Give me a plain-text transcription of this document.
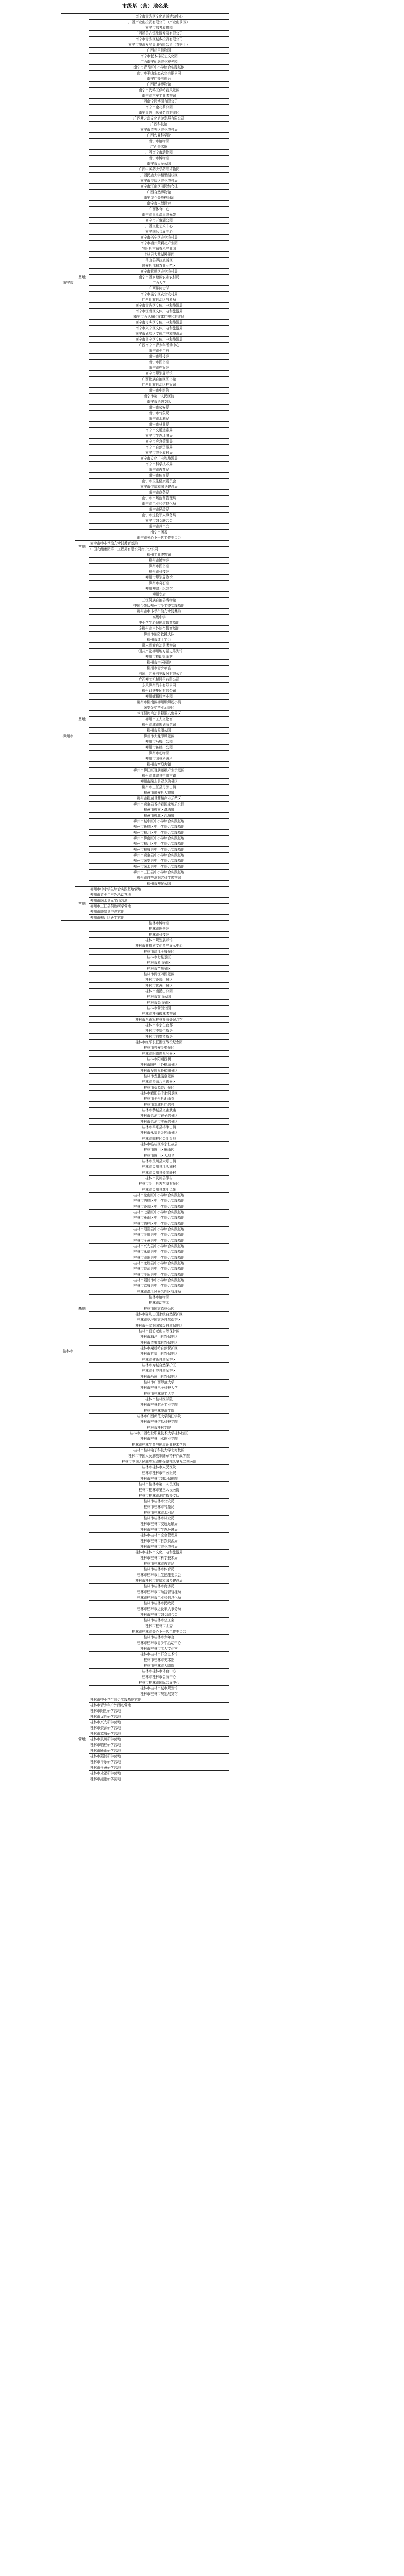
市级基（营）地名录
南宁市	基地	南宁市青秀区文化旅游活动中心
		广西产业山投资有限公司（产业山景区）
		南宁市那考农耕园
		广西扬美古镇旅游发展有限公司
		南宁市青秀区城乡投资有限公司
		南宁市旅游发展集团有限公司（青秀山）
		广西药用植物园
		南宁市老木棉匠艺文化园
		广西南宁仙葫农业观光园
		南宁市青秀区中小学综合实践基地
		南宁市平山生态农业有限公司
		南宁广播电视台
		广西民族博物馆
		南宁市武鸣区伊岭岩风景区
		南宁市汽车工业博物馆
		广西南宁园博园有限公司
		南宁市金花茶公园
		南宁青秀山风景名胜旅游区
		广西梦之岛文化旅游发展有限公司
		广西科技馆
		南宁市青秀区农业农村局
		广西农业科学院
		南宁市植物园
		广西美术馆
		广西南宁市动物园
		南宁市博物馆
		南宁市人民公园
		广西中医药大学药用植物园
		广西民族大学相思湖校区
		南宁市良庆区农业农村局
		南宁市江南区田园综合体
		广西自然博物馆
		南宁昆仑关战役旧址
		南宁市三街两巷
		广西体育中心
		南宁市邕江沿岸风光带
		南宁市五象湖公园
		广西文化艺术中心
		南宁国际会展中心
		南宁市兴宁区农业农村局
		南宁市横州茉莉花产业园
		宾阳县古辣香米产业园
		上林县大龙湖风景区
		马山县弄拉旅游区
		隆安县那桐农业示范区
		南宁市武鸣区农业农村局
		南宁市西乡塘区农业农村局
		广西大学
		广西民族大学
		南宁市邕宁区农业农村局
		广西壮族自治区气象局
		南宁市青秀区文体广电和旅游局
		南宁市江南区文体广电和旅游局
		南宁市西乡塘区文体广电和旅游局
		南宁市良庆区文体广电和旅游局
		南宁市兴宁区文体广电和旅游局
		南宁市武鸣区文体广电和旅游局
		南宁市邕宁区文体广电和旅游局
		广西南宁市青少年活动中心
		南宁市少年宫
		南宁市科技馆
		南宁市图书馆
		南宁市档案馆
		南宁市规划展示馆
		广西壮族自治区图书馆
		广西壮族自治区档案馆
		南宁市中医院
		南宁市第一人民医院
		南宁市消防支队
		南宁市公安局
		南宁市气象局
		南宁市水利局
		南宁市林业局
		南宁市交通运输局
		南宁市生态环境局
		南宁市应急管理局
		南宁市自然资源局
		南宁市农业农村局
		南宁市文化广电和旅游局
		南宁市科学技术局
		南宁市教育局
		南宁市体育局
		南宁市卫生健康委员会
		南宁市住房和城乡建设局
		南宁市商务局
		南宁市市场监督管理局
		南宁市工业和信息化局
		南宁市民政局
		南宁市退役军人事务局
		南宁市妇女联合会
		南宁市总工会
		南宁市团委
		南宁市关心下一代工作委员会
	营地	南宁市中小学综合实践教育基地
		中国安能集团第二工程局有限公司南宁分公司
柳州市	基地	柳州工业博物馆
		柳州市博物馆
		柳州市图书馆
		柳州市科技馆
		柳州市规划展览馆
		柳州市奇石馆
		柳州柳宗元纪念馆
		柳州文庙
		三江侗族自治县博物馆
		中国少先队柳州市少工委实践基地
		柳州市中小学生综合实践基地
		高级中学
		中小学生心理健康教育基地
		金柳州市户外综合教育基地
		柳州市消防救援支队
		柳州市红十字会
		融水苗族自治县博物馆
		中国共产党柳州地方党史陈列馆
		柳州市救助管理站
		柳州市中医医院
		柳州市青少年宫
		上汽通用五菱汽车股份有限公司
		广西柳工机械股份有限公司
		东风柳州汽车有限公司
		柳州钢铁集团有限公司
		柳州螺蛳粉产业园
		柳州市柳南区柳州螺蛳粉小镇
		融安金桔产业示范区
		三江侗族自治县程阳八寨景区
		柳州市工人文化宫
		柳州市城市规划展览馆
		柳州市龙潭公园
		柳州市大龙潭风景区
		柳州市马鞍山公园
		柳州市鱼峰山公园
		柳州市动物园
		柳州市园林科研所
		柳州市窑埠古镇
		柳州市柳江区百朋莲藕产业示范区
		柳州市鹿寨县中渡古镇
		柳州市融水县双龙沟景区
		柳州市三江县丹洲古镇
		柳州市融安县大将镇
		柳州市柳城县蔗糖产业示范区
		柳州市鹿寨县香桥岩国家地质公园
		柳州市柳南区洛满镇
		柳州市柳北区沙塘镇
		柳州市城中区中小学综合实践基地
		柳州市鱼峰区中小学综合实践基地
		柳州市柳北区中小学综合实践基地
		柳州市柳南区中小学综合实践基地
		柳州市柳江区中小学综合实践基地
		柳州市柳城县中小学综合实践基地
		柳州市鹿寨县中小学综合实践基地
		柳州市融安县中小学综合实践基地
		柳州市融水县中小学综合实践基地
		柳州市三江县中小学综合实践基地
		柳州市白莲洞洞穴科学博物馆
		柳州市柳侯公园
	营地	柳州市中小学生综合实践基地营地
		柳州市青少年户外活动营地
		柳州市融水县元宝山营地
		柳州市三江县侗族研学营地
		柳州市鹿寨县中渡营地
		柳州市柳江区研学营地
桂林市	基地	桂林市博物馆
		桂林市图书馆
		桂林市科技馆
		桂林市规划展示馆
		桂林市非物质文化遗产展示中心
		桂林市靖江王城景区
		桂林市七星景区
		桂林市象山景区
		桂林市芦笛景区
		桂林市两江四湖景区
		桂林市叠彩山景区
		桂林市伏波山景区
		桂林市南溪山公园
		桂林市穿山公园
		桂林市尧山景区
		桂林市訾洲公园
		桂林市桂海碑林博物馆
		桂林市八路军桂林办事处纪念馆
		桂林市李宗仁官邸
		桂林市李宗仁故居
		桂林市白崇禧故居
		桂林市红军长征湘江战役纪念园
		桂林市兴安灵渠景区
		桂林市阳朔遇龙河景区
		桂林市阳朔西街
		桂林市阳朔世外桃源景区
		桂林市龙胜龙脊梯田景区
		桂林市龙胜温泉景区
		桂林市资源八角寨景区
		桂林市资源资江景区
		桂林市灌阳县千家洞景区
		桂林市全州县湘山寺
		桂林市恭城县红岩村
		桂林市恭城县文庙武庙
		桂林市荔浦市银子岩景区
		桂林市荔浦市丰鱼岩景区
		桂林市平乐县榕津古镇
		桂林市永福县金钟山景区
		桂林市临桂区会仙湿地
		桂林市临桂区李宗仁故居
		桂林市雁山区雁山园
		桂林市雁山区大埠乡
		桂林市灵川县大圩古镇
		桂林市灵川县江头洲村
		桂林市灵川县长岗岭村
		桂林市灵川县熊村
		桂林市灵川县古东瀑布景区
		桂林市灵川县漓江风光
		桂林市象山区中小学综合实践基地
		桂林市秀峰区中小学综合实践基地
		桂林市叠彩区中小学综合实践基地
		桂林市七星区中小学综合实践基地
		桂林市雁山区中小学综合实践基地
		桂林市临桂区中小学综合实践基地
		桂林市阳朔县中小学综合实践基地
		桂林市灵川县中小学综合实践基地
		桂林市全州县中小学综合实践基地
		桂林市兴安县中小学综合实践基地
		桂林市永福县中小学综合实践基地
		桂林市灌阳县中小学综合实践基地
		桂林市龙胜县中小学综合实践基地
		桂林市资源县中小学综合实践基地
		桂林市平乐县中小学综合实践基地
		桂林市荔浦市中小学综合实践基地
		桂林市恭城县中小学综合实践基地
		桂林市漓江风景名胜区管理局
		桂林市植物园
		桂林市动物园
		桂林市国家森林公园
		桂林市猫儿山国家级自然保护区
		桂林市花坪国家级自然保护区
		桂林市千家洞国家级自然保护区
		桂林市银竹老山自然保护区
		桂林市海洋山自然保护区
		桂林市青狮潭自然保护区
		桂林市架桥岭自然保护区
		桂林市五福山自然保护区
		桂林市建新自然保护区
		桂林市寿城自然保护区
		桂林市七冲自然保护区
		桂林市西岭山自然保护区
		桂林市广西师范大学
		桂林市桂林电子科技大学
		桂林市桂林理工大学
		桂林市桂林医学院
		桂林市桂林航天工业学院
		桂林市桂林旅游学院
		桂林市广西师范大学漓江学院
		桂林市桂林信息科技学院
		桂林市桂林学院
		桂林市广西农业职业技术大学桂林校区
		桂林市桂林山水职业学院
		桂林市桂林生命与健康职业技术学院
		桂林市桂林电子科技大学北海校区
		桂林市中国人民解放军陆军特种作战学院
		桂林市中国人民解放军联勤保障部队第九二四医院
		桂林市桂林市人民医院
		桂林市桂林市中医医院
		桂林市桂林市妇幼保健院
		桂林市桂林市第二人民医院
		桂林市桂林市第三人民医院
		桂林市桂林市消防救援支队
		桂林市桂林市公安局
		桂林市桂林市气象局
		桂林市桂林市水利局
		桂林市桂林市林业局
		桂林市桂林市交通运输局
		桂林市桂林市生态环境局
		桂林市桂林市应急管理局
		桂林市桂林市自然资源局
		桂林市桂林市农业农村局
		桂林市桂林市文化广电和旅游局
		桂林市桂林市科学技术局
		桂林市桂林市教育局
		桂林市桂林市体育局
		桂林市桂林市卫生健康委员会
		桂林市桂林市住房和城乡建设局
		桂林市桂林市商务局
		桂林市桂林市市场监督管理局
		桂林市桂林市工业和信息化局
		桂林市桂林市民政局
		桂林市桂林市退役军人事务局
		桂林市桂林市妇女联合会
		桂林市桂林市总工会
		桂林市桂林市团委
		桂林市桂林市关心下一代工作委员会
		桂林市桂林市少年宫
		桂林市桂林市青少年活动中心
		桂林市桂林市工人文化宫
		桂林市桂林市群众艺术馆
		桂林市桂林市美术馆
		桂林市桂林市大剧院
		桂林市桂林市体育中心
		桂林市桂林市会展中心
		桂林市桂林市国际会展中心
		桂林市桂林市城市规划馆
		桂林市桂林市规划展览馆
	营地	桂林市中小学生综合实践基地营地
		桂林市青少年户外活动营地
		桂林市阳朔研学营地
		桂林市龙胜研学营地
		桂林市兴安研学营地
		桂林市资源研学营地
		桂林市恭城研学营地
		桂林市灵川研学营地
		桂林市临桂研学营地
		桂林市雁山研学营地
		桂林市荔浦研学营地
		桂林市平乐研学营地
		桂林市全州研学营地
		桂林市永福研学营地
		桂林市灌阳研学营地
